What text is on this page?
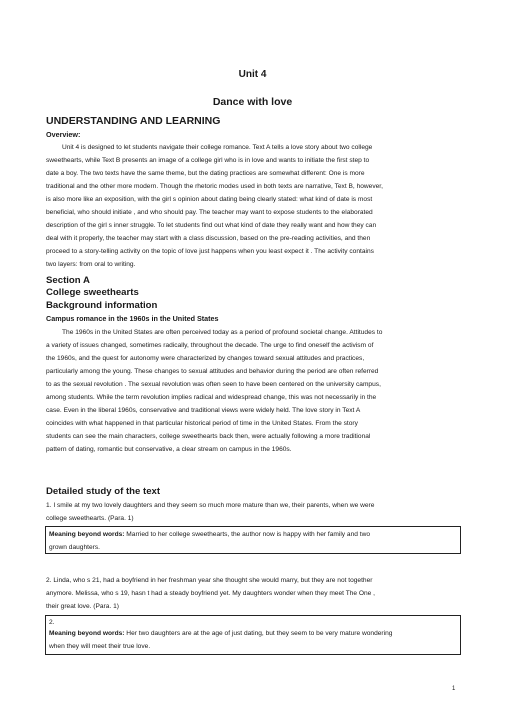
Unit 4
Dance with love
UNDERSTANDING AND LEARNING
Overview:
Unit 4 is designed to let students navigate their college romance. Text A tells a love story about two college
sweethearts, while Text B presents an image of a college girl who is in love and wants to initiate the first step to
date a boy. The two texts have the same theme, but the dating practices are somewhat different: One is more
traditional and the other more modern. Though the rhetoric modes used in both texts are narrative, Text B, however,
is also more like an exposition, with the girl s opinion about dating being clearly stated: what kind of date is most
beneficial, who should initiate , and who should pay. The teacher may want to expose students to the elaborated
description of the girl s inner struggle. To let students find out what kind of date they really want and how they can
deal with it properly, the teacher may start with a class discussion, based on the pre-reading activities, and then
proceed to a story-telling activity on the topic of love just happens when you least expect it . The activity contains
two layers: from oral to writing.
Section A
College sweethearts
Background information
Campus romance in the 1960s in the United States
The 1960s in the United States are often perceived today as a period of profound societal change. Attitudes to
a variety of issues changed, sometimes radically, throughout the decade. The urge to find oneself the activism of
the 1960s, and the quest for autonomy were characterized by changes toward sexual attitudes and practices,
particularly among the young. These changes to sexual attitudes and behavior during the period are often referred
to as the sexual revolution . The sexual revolution was often seen to have been centered on the university campus,
among students. While the term revolution implies radical and widespread change, this was not necessarily in the
case. Even in the liberal 1960s, conservative and traditional views were widely held. The love story in Text A
coincides with what happened in that particular historical period of time in the United States. From the story
students can see the main characters, college sweethearts back then, were actually following a more traditional
pattern of dating, romantic but conservative, a clear stream on campus in the 1960s.
Detailed study of the text
1. I smile at my two lovely daughters and they seem so much more mature than we, their parents, when we were
college sweethearts. (Para. 1)
Meaning beyond words: Married to her college sweethearts, the author now is happy with her family and two
grown daughters.
2. Linda, who s 21, had a boyfriend in her freshman year she thought she would marry, but they are not together
anymore. Melissa, who s 19, hasn t had a steady boyfriend yet. My daughters wonder when they meet The One ,
their great love. (Para. 1)
2.
Meaning beyond words: Her two daughters are at the age of just dating, but they seem to be very mature wondering
when they will meet their true love.
1
